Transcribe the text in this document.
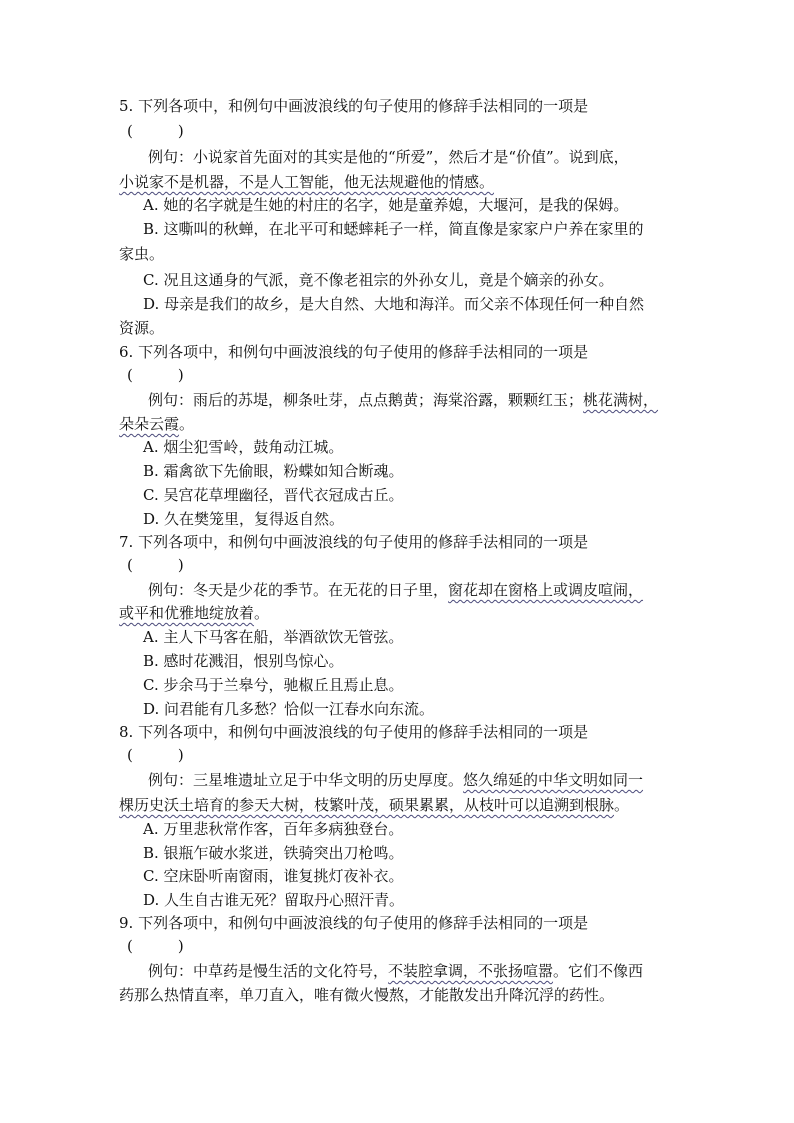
5. 下列各项中，和例句中画波浪线的句子使用的修辞手法相同的一项是
(　　　)
例句：小说家首先面对的其实是他的“所爱”，然后才是“价值”。说到底，
小说家不是机器，不是人工智能，他无法规避他的情感。
A. 她的名字就是生她的村庄的名字，她是童养媳，大堰河，是我的保姆。
B. 这嘶叫的秋蝉，在北平可和蟋蟀耗子一样，简直像是家家户户养在家里的
家虫。
C. 况且这通身的气派，竟不像老祖宗的外孙女儿，竟是个嫡亲的孙女。
D. 母亲是我们的故乡，是大自然、大地和海洋。而父亲不体现任何一种自然
资源。
6. 下列各项中，和例句中画波浪线的句子使用的修辞手法相同的一项是
(　　　)
例句：雨后的苏堤，柳条吐芽，点点鹅黄；海棠浴露，颗颗红玉；桃花满树，
朵朵云霞。
A. 烟尘犯雪岭，鼓角动江城。
B. 霜禽欲下先偷眼，粉蝶如知合断魂。
C. 吴宫花草埋幽径，晋代衣冠成古丘。
D. 久在樊笼里，复得返自然。
7. 下列各项中，和例句中画波浪线的句子使用的修辞手法相同的一项是
(　　　)
例句：冬天是少花的季节。在无花的日子里，窗花却在窗格上或调皮喧闹，
或平和优雅地绽放着。
A. 主人下马客在船，举酒欲饮无管弦。
B. 感时花溅泪，恨别鸟惊心。
C. 步余马于兰皋兮，驰椒丘且焉止息。
D. 问君能有几多愁？恰似一江春水向东流。
8. 下列各项中，和例句中画波浪线的句子使用的修辞手法相同的一项是
(　　　)
例句：三星堆遗址立足于中华文明的历史厚度。悠久绵延的中华文明如同一
棵历史沃土培育的参天大树，枝繁叶茂，硕果累累，从枝叶可以追溯到根脉。
A. 万里悲秋常作客，百年多病独登台。
B. 银瓶乍破水浆迸，铁骑突出刀枪鸣。
C. 空床卧听南窗雨，谁复挑灯夜补衣。
D. 人生自古谁无死？留取丹心照汗青。
9. 下列各项中，和例句中画波浪线的句子使用的修辞手法相同的一项是
(　　　)
例句：中草药是慢生活的文化符号，不装腔拿调，不张扬喧嚣。它们不像西
药那么热情直率，单刀直入，唯有微火慢熬，才能散发出升降沉浮的药性。
